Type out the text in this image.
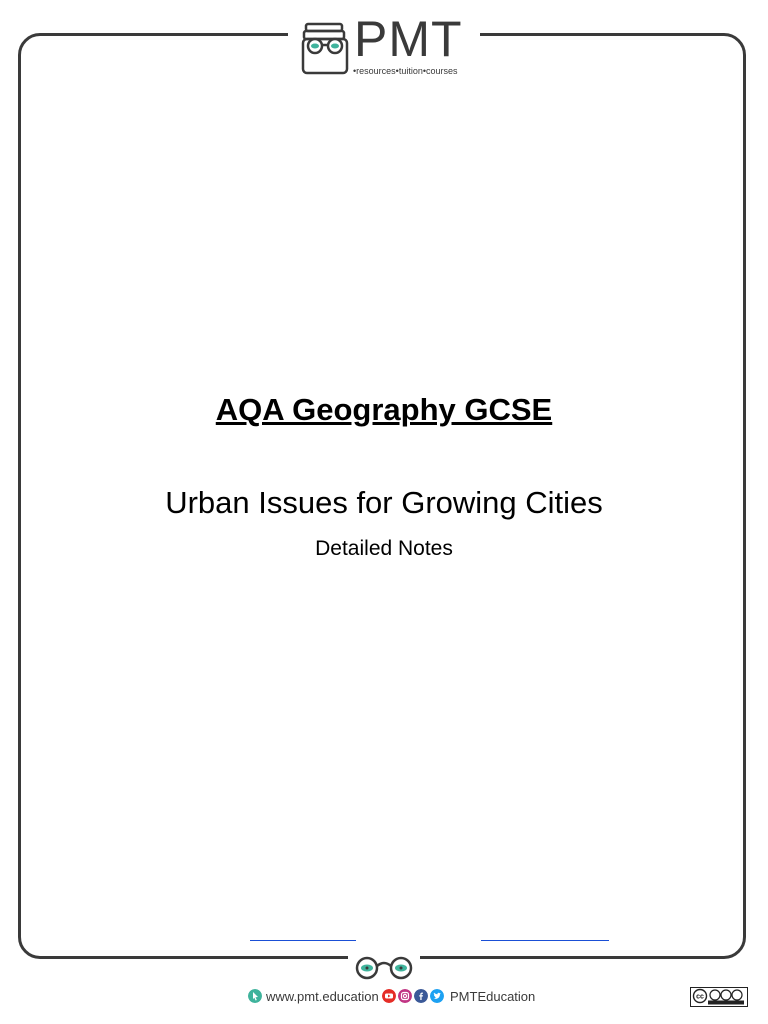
PMT
•resources•tuition•courses
AQA Geography GCSE
Urban Issues for Growing Cities
Detailed Notes
www.pmt.education	PMTEducation	cc
